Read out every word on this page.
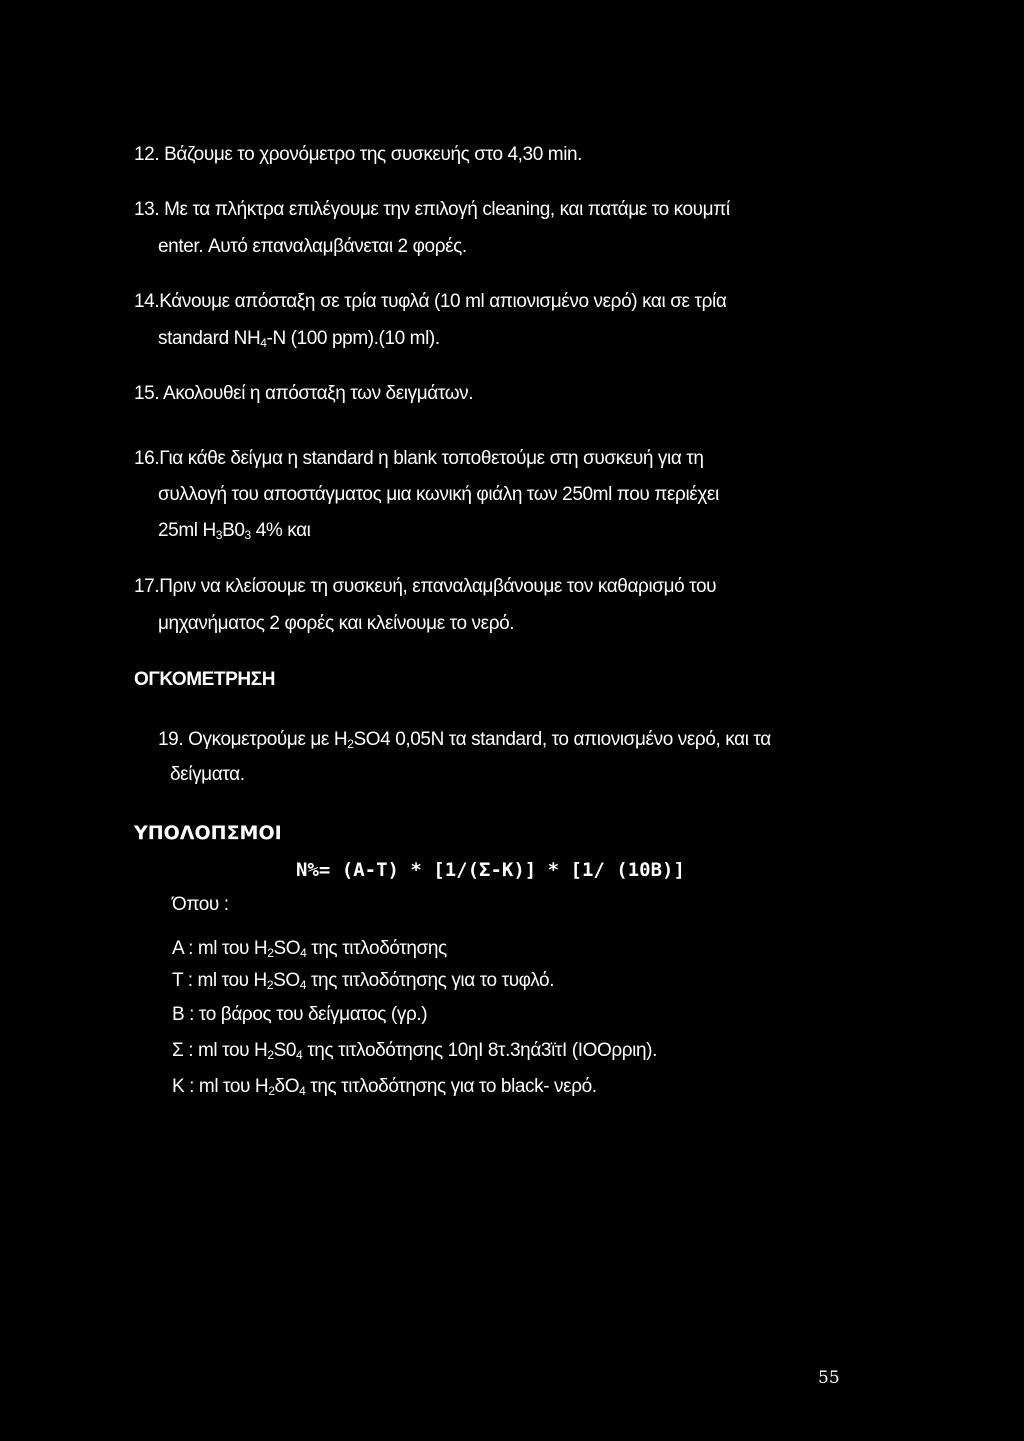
12. Βάζουμε το χρονόμετρο της συσκευής στο 4,30 min.
13. Με τα πλήκτρα επιλέγουμε την επιλογή cleaning, και πατάμε το κουμπί
enter. Αυτό επαναλαμβάνεται 2 φορές.
14.Κάνουμε απόσταξη σε τρία τυφλά (10 ml απιονισμένο νερό) και σε τρία
standard $NH_4-N$ (100 ppm).(10 ml).
15. Ακολουθεί η απόσταξη των δειγμάτων.
16.Για κάθε δείγμα η standard η blank τοποθετούμε στη συσκευή για τη
συλλογή του αποστάγματος μια κωνική φιάλη των 250ml που περιέχει
25ml $H_3B0_3$ 4% και
17.Πριν να κλείσουμε τη συσκευή, επαναλαμβάνουμε τον καθαρισμό του
μηχανήματος 2 φορές και κλείνουμε το νερό.
ΟΓΚΟΜΕΤΡΗΣΗ
19. Ογκομετρούμε με $H_2SO4$ 0,05N τα standard, το απιονισμένο νερό, και τα
δείγματα.
ΥΠΟΛΟΠΣΜΟΙ
N%= (A-T) * [1/(Σ-Κ)] * [1/ (10B)]
Όπου :
A : ml του $H_2SO_4$ της τιτλοδότησης
T : ml του $H_2SO_4$ της τιτλοδότησης για το τυφλό.
B : το βάρος του δείγματος (γρ.)
Σ : ml του $H_2S0_4$ της τιτλοδότησης 10ηΙ 8τ.3ηά3ϊτΙ (ΙΟΟρριη).
K : ml του $H_2\delta O_4$ της τιτλοδότησης για το black- νερό.
55
